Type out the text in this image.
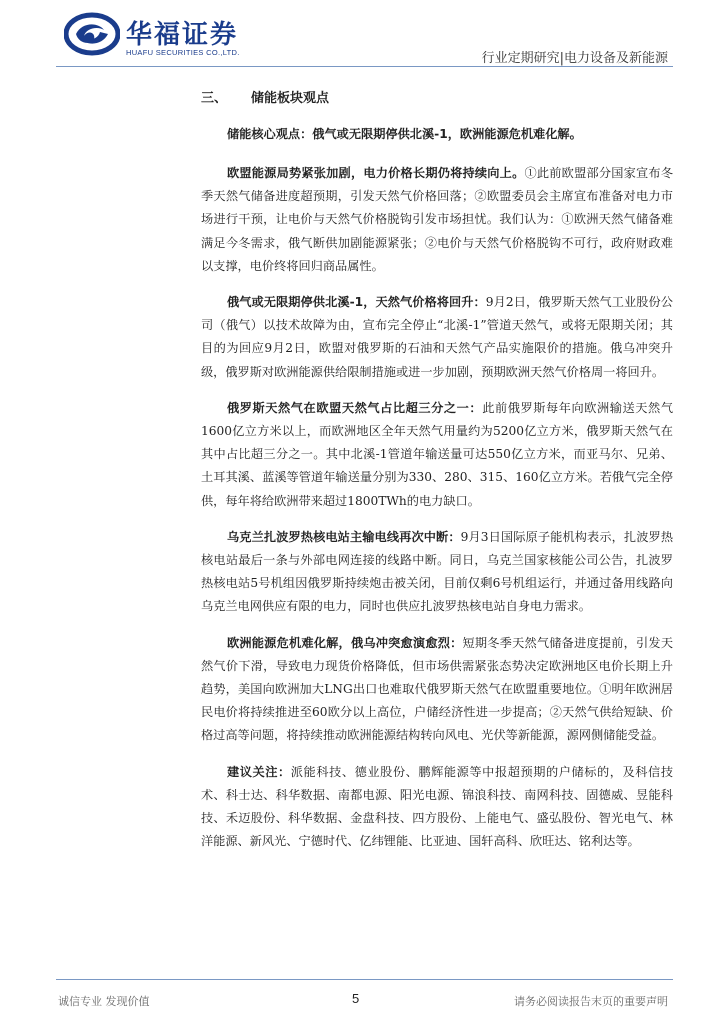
华福证券
HUAFU SECURITIES CO.,LTD.	行业定期研究|电力设备及新能源
三、 储能板块观点

储能核心观点：俄气或无限期停供北溪-1，欧洲能源危机难化解。

欧盟能源局势紧张加剧，电力价格长期仍将持续向上。①此前欧盟部分国家宣布冬季天然气储备进度超预期，引发天然气价格回落；②欧盟委员会主席宣布准备对电力市场进行干预，让电价与天然气价格脱钩引发市场担忧。我们认为：①欧洲天然气储备难满足今冬需求，俄气断供加剧能源紧张；②电价与天然气价格脱钩不可行，政府财政难以支撑，电价终将回归商品属性。

俄气或无限期停供北溪-1，天然气价格将回升：9月2日，俄罗斯天然气工业股份公司（俄气）以技术故障为由，宣布完全停止“北溪-1”管道天然气，或将无限期关闭；其目的为回应9月2日，欧盟对俄罗斯的石油和天然气产品实施限价的措施。俄乌冲突升级，俄罗斯对欧洲能源供给限制措施或进一步加剧，预期欧洲天然气价格周一将回升。

俄罗斯天然气在欧盟天然气占比超三分之一：此前俄罗斯每年向欧洲输送天然气1600亿立方米以上，而欧洲地区全年天然气用量约为5200亿立方米，俄罗斯天然气在其中占比超三分之一。其中北溪-1管道年输送量可达550亿立方米，而亚马尔、兄弟、土耳其溪、蓝溪等管道年输送量分别为330、280、315、160亿立方米。若俄气完全停供，每年将给欧洲带来超过1800TWh的电力缺口。

乌克兰扎波罗热核电站主输电线再次中断：9月3日国际原子能机构表示，扎波罗热核电站最后一条与外部电网连接的线路中断。同日，乌克兰国家核能公司公告，扎波罗热核电站5号机组因俄罗斯持续炮击被关闭，目前仅剩6号机组运行，并通过备用线路向乌克兰电网供应有限的电力，同时也供应扎波罗热核电站自身电力需求。

欧洲能源危机难化解，俄乌冲突愈演愈烈：短期冬季天然气储备进度提前，引发天然气价下滑，导致电力现货价格降低，但市场供需紧张态势决定欧洲地区电价长期上升趋势，美国向欧洲加大LNG出口也难取代俄罗斯天然气在欧盟重要地位。①明年欧洲居民电价将持续推进至60欧分以上高位，户储经济性进一步提高；②天然气供给短缺、价格过高等问题，将持续推动欧洲能源结构转向风电、光伏等新能源，源网侧储能受益。

建议关注：派能科技、德业股份、鹏辉能源等中报超预期的户储标的，及科信技术、科士达、科华数据、南都电源、阳光电源、锦浪科技、南网科技、固德威、昱能科技、禾迈股份、科华数据、金盘科技、四方股份、上能电气、盛弘股份、智光电气、林洋能源、新风光、宁德时代、亿纬锂能、比亚迪、国轩高科、欣旺达、铭利达等。

诚信专业 发现价值	5	请务必阅读报告末页的重要声明
